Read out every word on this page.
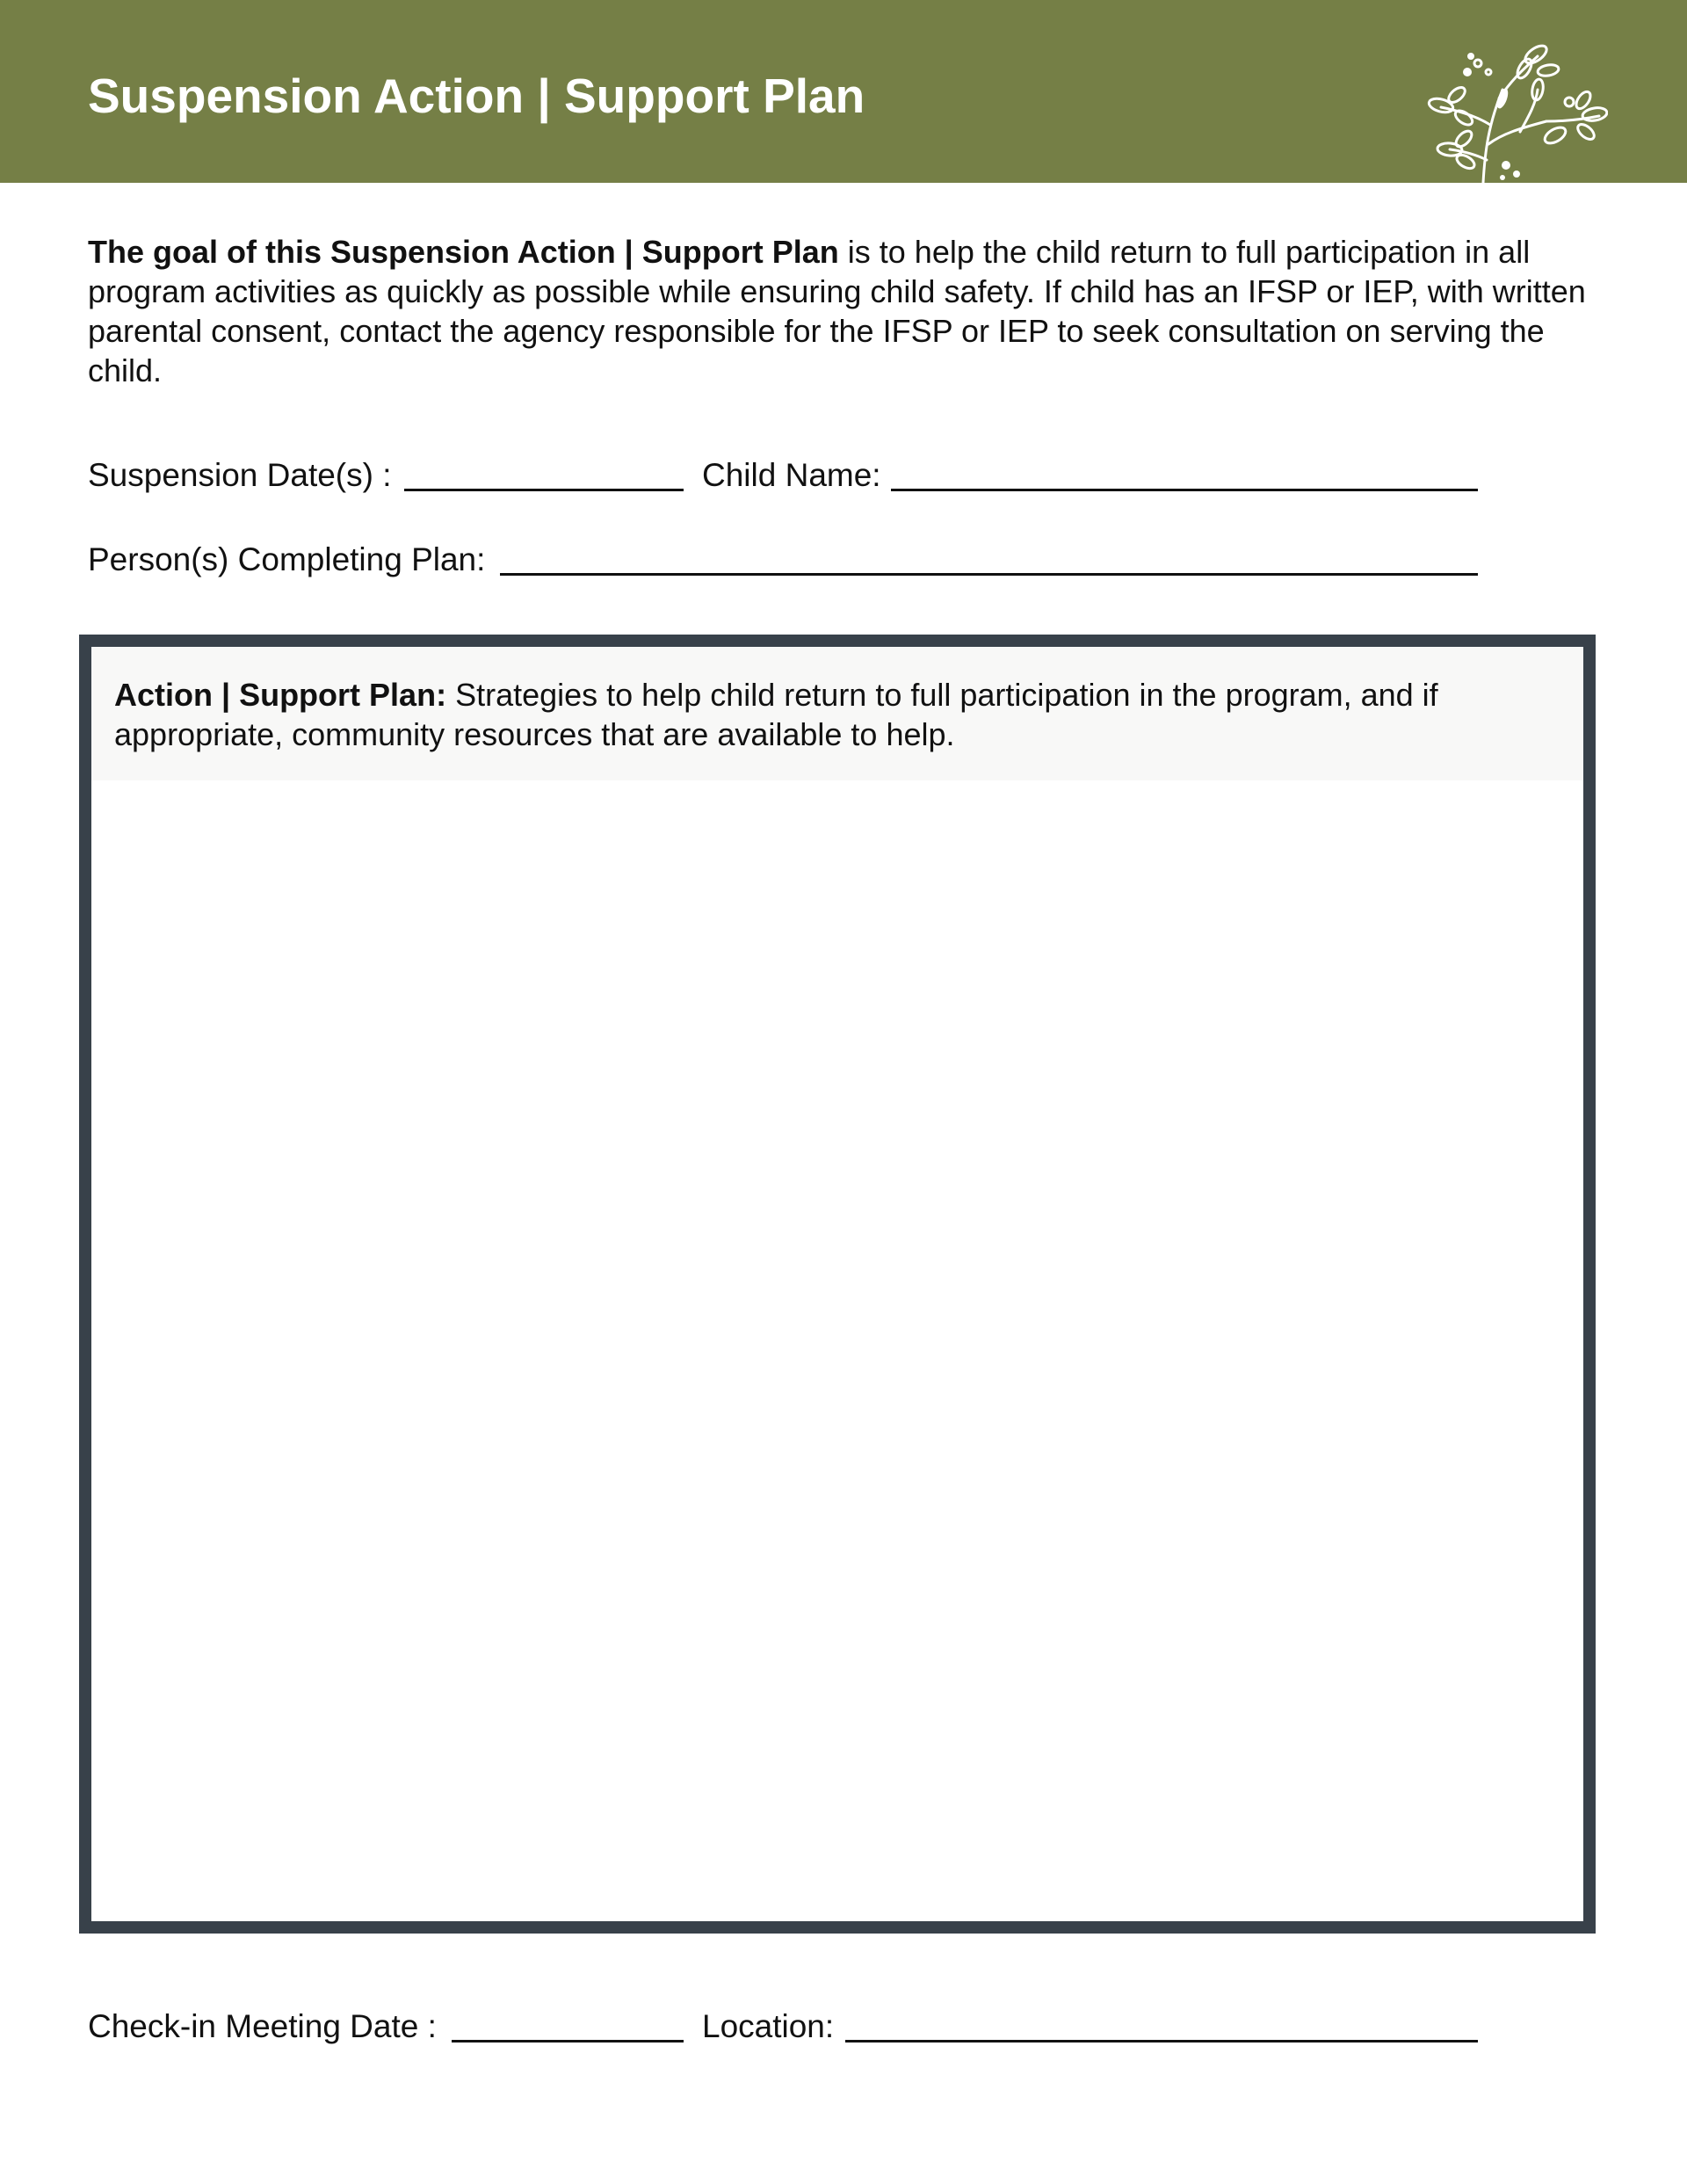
Suspension Action | Support Plan

The goal of this Suspension Action | Support Plan is to help the child return to full participation in all program activities as quickly as possible while ensuring child safety. If child has an IFSP or IEP, with written parental consent, contact the agency responsible for the IFSP or IEP to seek consultation on serving the child.

Suspension Date(s) :	Child Name:
Person(s) Completing Plan:

Action | Support Plan: Strategies to help child return to full participation in the program, and if appropriate, community resources that are available to help.

Check-in Meeting Date :	Location:
